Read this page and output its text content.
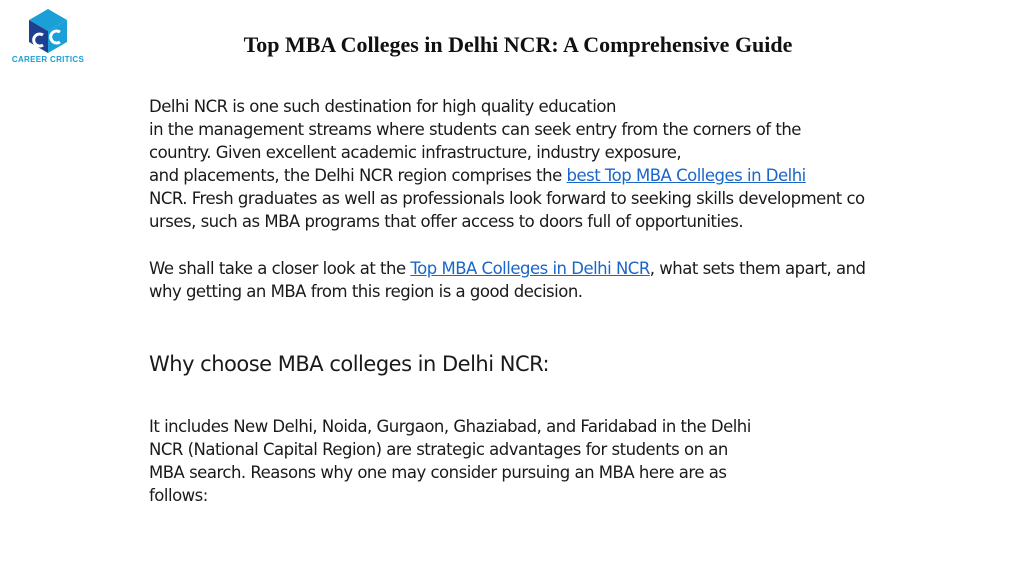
CAREER CRITICS
Top MBA Colleges in Delhi NCR: A Comprehensive Guide

Delhi NCR is one such destination for high quality education
in the management streams where students can seek entry from the corners of the
country. Given excellent academic infrastructure, industry exposure,
and placements, the Delhi NCR region comprises the best Top MBA Colleges in Delhi
NCR. Fresh graduates as well as professionals look forward to seeking skills development co
urses, such as MBA programs that offer access to doors full of opportunities.

We shall take a closer look at the Top MBA Colleges in Delhi NCR, what sets them apart, and
why getting an MBA from this region is a good decision.

Why choose MBA colleges in Delhi NCR:

It includes New Delhi, Noida, Gurgaon, Ghaziabad, and Faridabad in the Delhi
NCR (National Capital Region) are strategic advantages for students on an
MBA search. Reasons why one may consider pursuing an MBA here are as
follows:
